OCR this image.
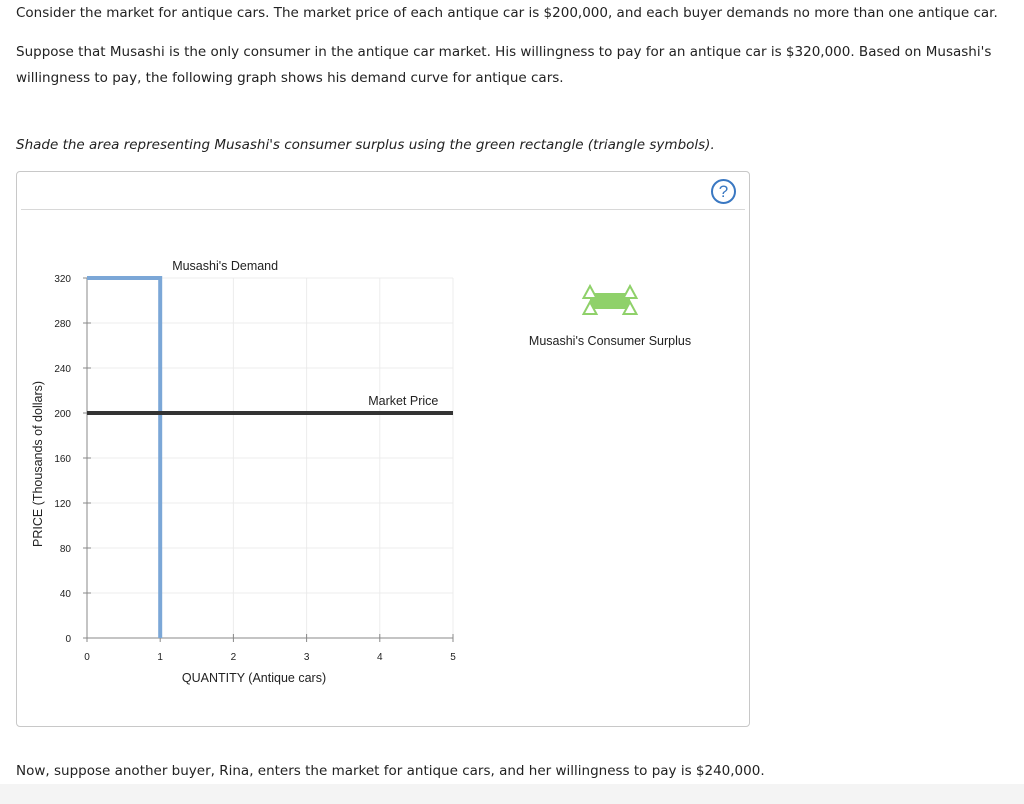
Consider the market for antique cars. The market price of each antique car is $200,000, and each buyer demands no more than one antique car.

Suppose that Musashi is the only consumer in the antique car market. His willingness to pay for an antique car is $320,000. Based on Musashi's willingness to pay, the following graph shows his demand curve for antique cars.

Shade the area representing Musashi's consumer surplus using the green rectangle (triangle symbols).

?
0
40
80
120
160
200
240
280
320
0	1	2	3	4	5
QUANTITY (Antique cars)
PRICE (Thousands of dollars)
Musashi's Demand
Market Price
Musashi's Consumer Surplus

Now, suppose another buyer, Rina, enters the market for antique cars, and her willingness to pay is $240,000.
